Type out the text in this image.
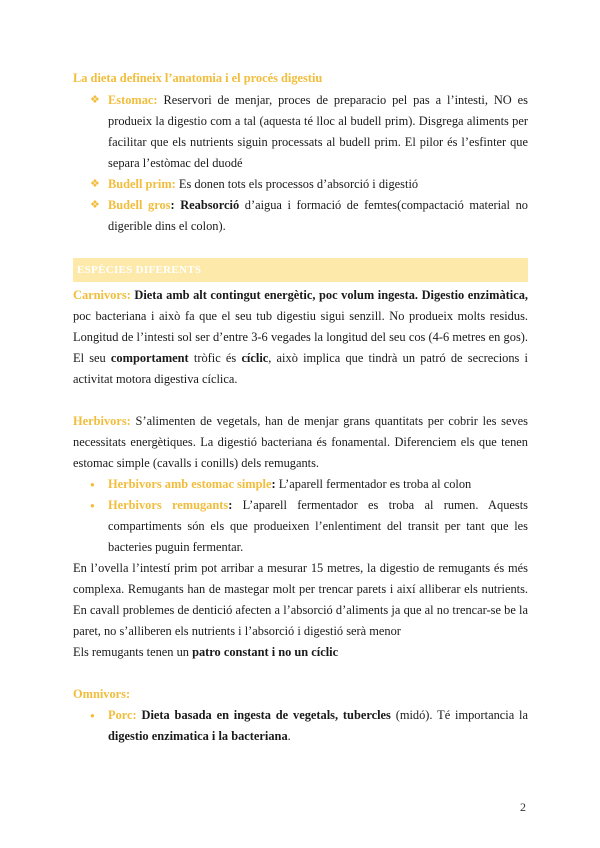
La dieta defineix l’anatomia i el procés digestiu

❖ Estomac: Reservori de menjar, proces de preparacio pel pas a l’intesti, NO es produeix la digestio com a tal (aquesta té lloc al budell prim). Disgrega aliments per facilitar que els nutrients siguin processats al budell prim. El pilor és l’esfinter que separa l’estòmac del duodé
❖ Budell prim: Es donen tots els processos d’absorció i digestió
❖ Budell gros: Reabsorció d’aigua i formació de femtes(compactació material no digerible dins el colon).
ESPÈCIES DIFERENTS

Carnivors: Dieta amb alt contingut energètic, poc volum ingesta. Digestio enzimàtica, poc bacteriana i això fa que el seu tub digestiu sigui senzill. No produeix molts residus. Longitud de l’intesti sol ser d’entre 3-6 vegades la longitud del seu cos (4-6 metres en gos). El seu comportament tròfic és cíclic, això implica que tindrà un patró de secrecions i activitat motora digestiva cíclica.

Herbivors: S’alimenten de vegetals, han de menjar grans quantitats per cobrir les seves necessitats energètiques. La digestió bacteriana és fonamental. Diferenciem els que tenen estomac simple (cavalls i conills) dels remugants.

● Herbivors amb estomac simple: L’aparell fermentador es troba al colon
● Herbivors remugants: L’aparell fermentador es troba al rumen. Aquests compartiments són els que produeixen l’enlentiment del transit per tant que les bacteries puguin fermentar.

En l’ovella l’intestí prim pot arribar a mesurar 15 metres, la digestio de remugants és més complexa. Remugants han de mastegar molt per trencar parets i així alliberar els nutrients. En cavall problemes de dentició afecten a l’absorció d’aliments ja que al no trencar-se be la paret, no s’alliberen els nutrients i l’absorció i digestió serà menor

Els remugants tenen un patro constant i no un cíclic

Omnivors:

● Porc: Dieta basada en ingesta de vegetals, tubercles (midó). Té importancia la digestio enzimatica i la bacteriana.
2
